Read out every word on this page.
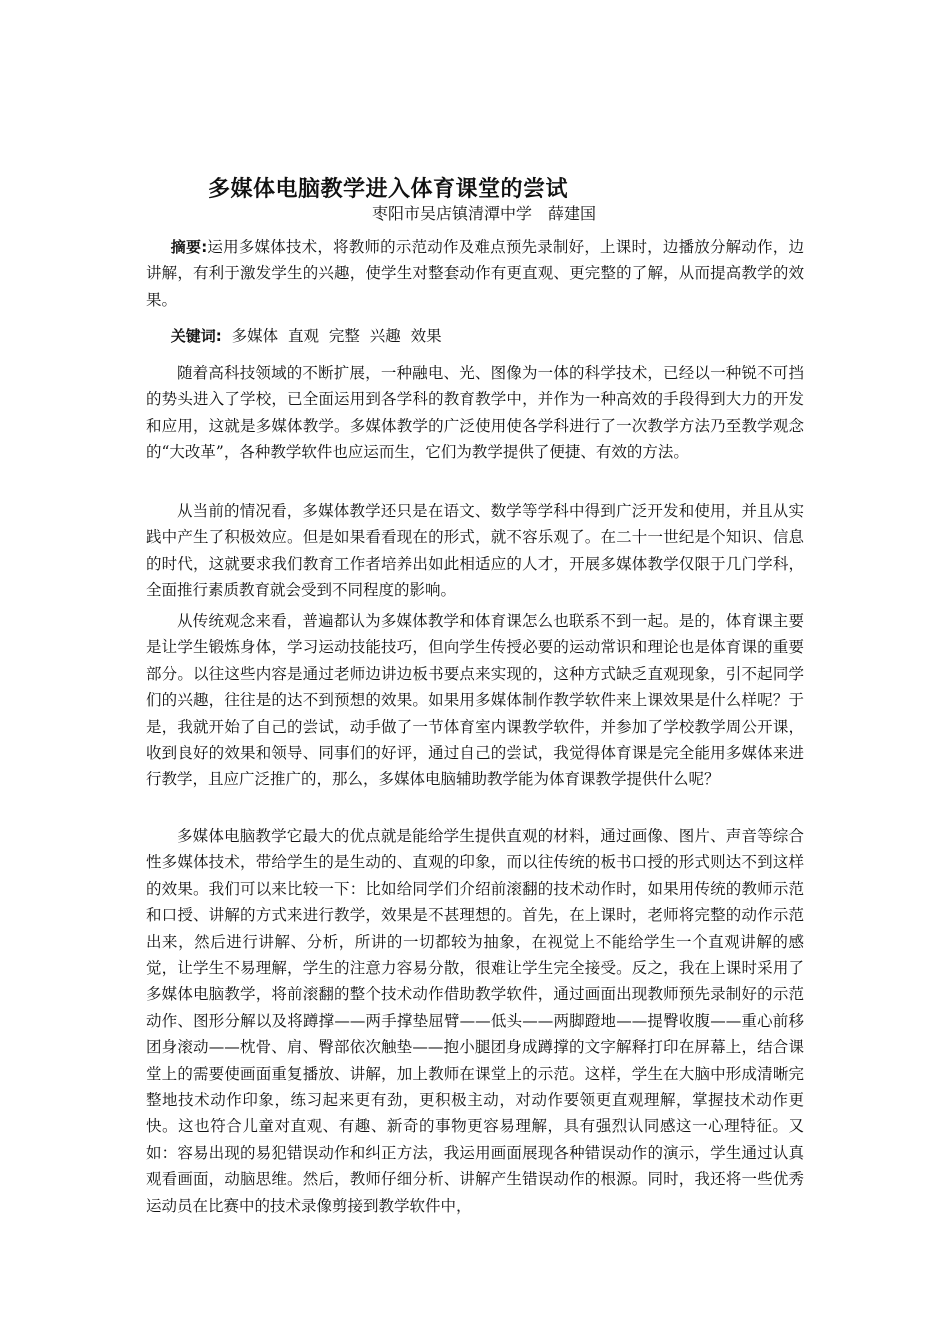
多媒体电脑教学进入体育课堂的尝试

枣阳市吴店镇清潭中学　薛建国

摘要:运用多媒体技术，将教师的示范动作及难点预先录制好，上课时，边播放分解动作，边讲解，有利于激发学生的兴趣，使学生对整套动作有更直观、更完整的了解，从而提高教学的效果。

关键词:  多媒体  直观  完整  兴趣  效果

随着高科技领域的不断扩展，一种融电、光、图像为一体的科学技术，已经以一种锐不可挡的势头进入了学校，已全面运用到各学科的教育教学中，并作为一种高效的手段得到大力的开发和应用，这就是多媒体教学。多媒体教学的广泛使用使各学科进行了一次教学方法乃至教学观念的“大改革”，各种教学软件也应运而生，它们为教学提供了便捷、有效的方法。

从当前的情况看，多媒体教学还只是在语文、数学等学科中得到广泛开发和使用，并且从实践中产生了积极效应。但是如果看看现在的形式，就不容乐观了。在二十一世纪是个知识、信息的时代，这就要求我们教育工作者培养出如此相适应的人才，开展多媒体教学仅限于几门学科，全面推行素质教育就会受到不同程度的影响。

从传统观念来看，普遍都认为多媒体教学和体育课怎么也联系不到一起。是的，体育课主要是让学生锻炼身体，学习运动技能技巧，但向学生传授必要的运动常识和理论也是体育课的重要部分。以往这些内容是通过老师边讲边板书要点来实现的，这种方式缺乏直观现象，引不起同学们的兴趣，往往是的达不到预想的效果。如果用多媒体制作教学软件来上课效果是什么样呢？于是，我就开始了自己的尝试，动手做了一节体育室内课教学软件，并参加了学校教学周公开课，收到良好的效果和领导、同事们的好评，通过自己的尝试，我觉得体育课是完全能用多媒体来进行教学，且应广泛推广的，那么，多媒体电脑辅助教学能为体育课教学提供什么呢？

多媒体电脑教学它最大的优点就是能给学生提供直观的材料，通过画像、图片、声音等综合性多媒体技术，带给学生的是生动的、直观的印象，而以往传统的板书口授的形式则达不到这样的效果。我们可以来比较一下：比如给同学们介绍前滚翻的技术动作时，如果用传统的教师示范和口授、讲解的方式来进行教学，效果是不甚理想的。首先，在上课时，老师将完整的动作示范出来，然后进行讲解、分析，所讲的一切都较为抽象，在视觉上不能给学生一个直观讲解的感觉，让学生不易理解，学生的注意力容易分散，很难让学生完全接受。反之，我在上课时采用了多媒体电脑教学，将前滚翻的整个技术动作借助教学软件，通过画面出现教师预先录制好的示范动作、图形分解以及将蹲撑——两手撑垫屈臂——低头——两脚蹬地——提臀收腹——重心前移团身滚动——枕骨、肩、臀部依次触垫——抱小腿团身成蹲撑的文字解释打印在屏幕上，结合课堂上的需要使画面重复播放、讲解，加上教师在课堂上的示范。这样，学生在大脑中形成清晰完整地技术动作印象，练习起来更有劲，更积极主动，对动作要领更直观理解，掌握技术动作更快。这也符合儿童对直观、有趣、新奇的事物更容易理解，具有强烈认同感这一心理特征。又如：容易出现的易犯错误动作和纠正方法，我运用画面展现各种错误动作的演示，学生通过认真观看画面，动脑思维。然后，教师仔细分析、讲解产生错误动作的根源。同时，我还将一些优秀运动员在比赛中的技术录像剪接到教学软件中，
